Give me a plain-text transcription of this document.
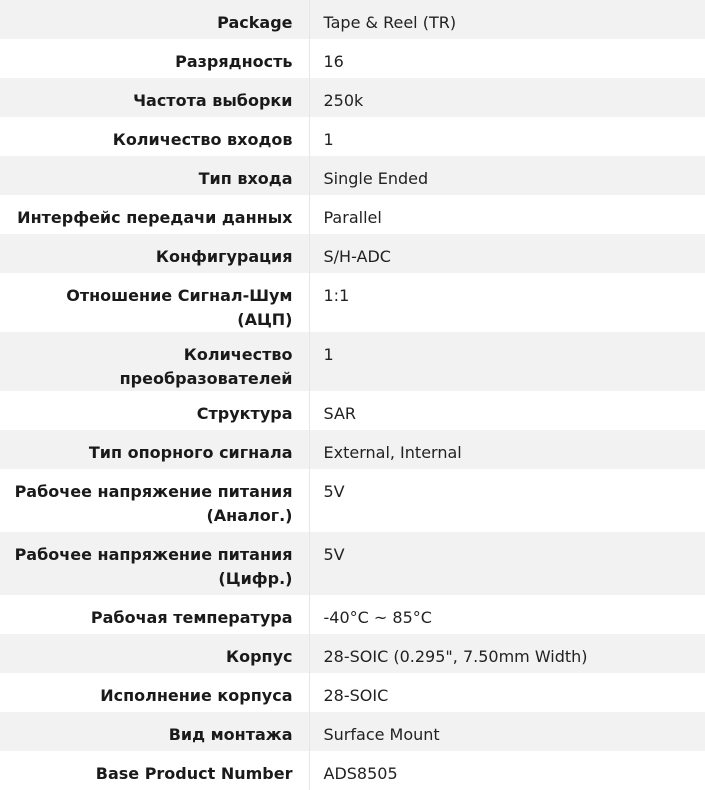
Package	Tape & Reel (TR)
Разрядность	16
Частота выборки	250k
Количество входов	1
Тип входа	Single Ended
Интерфейс передачи данных	Parallel
Конфигурация	S/H-ADC
Отношение Сигнал-Шум (АЦП)	1:1
Количество преобразователей	1
Структура	SAR
Тип опорного сигнала	External, Internal
Рабочее напряжение питания (Аналог.)	5V
Рабочее напряжение питания (Цифр.)	5V
Рабочая температура	-40°C ~ 85°C
Корпус	28-SOIC (0.295", 7.50mm Width)
Исполнение корпуса	28-SOIC
Вид монтажа	Surface Mount
Base Product Number	ADS8505
